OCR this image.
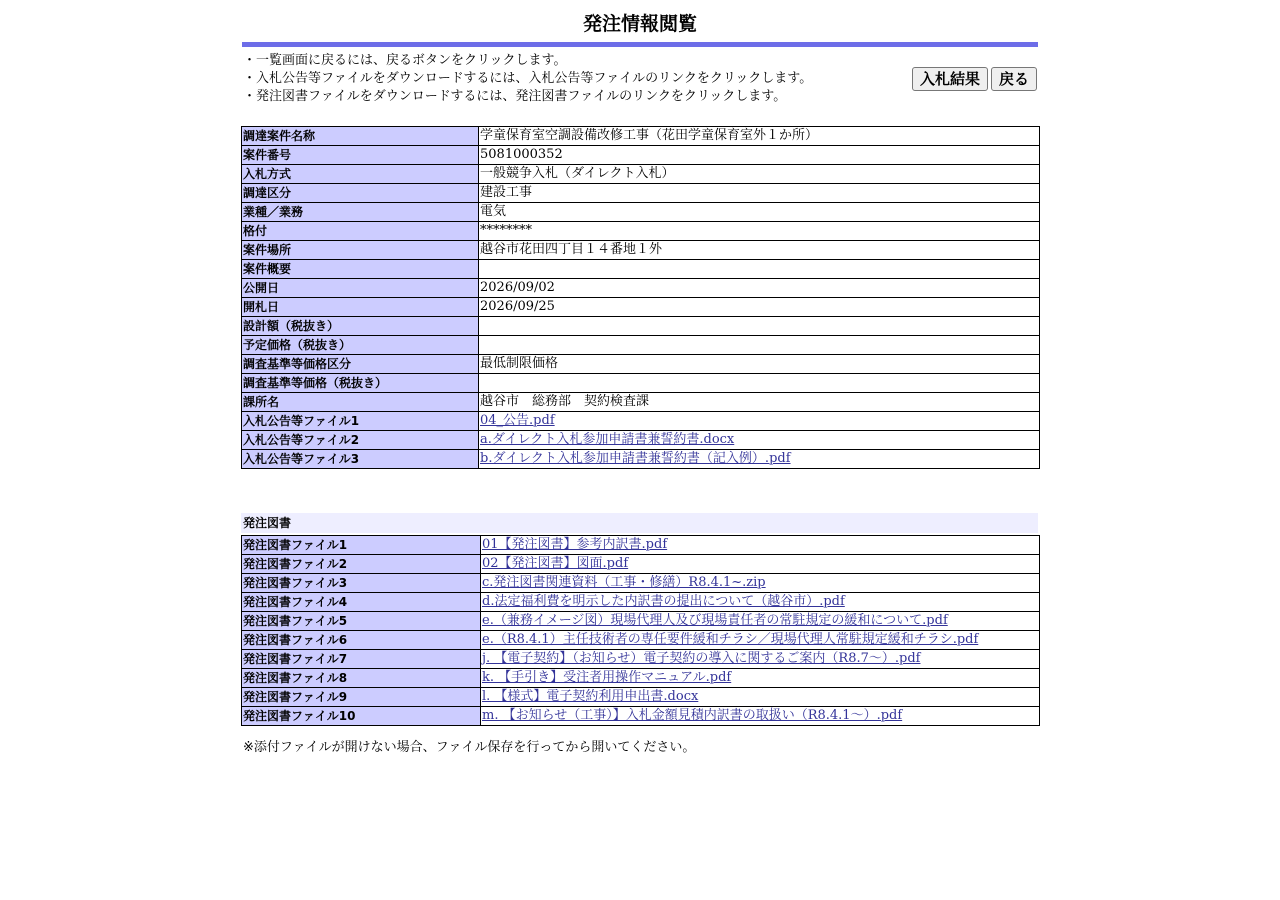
発注情報閲覧
・一覧画面に戻るには、戻るボタンをクリックします。
・入札公告等ファイルをダウンロードするには、入札公告等ファイルのリンクをクリックします。
・発注図書ファイルをダウンロードするには、発注図書ファイルのリンクをクリックします。
入札結果	戻る
調達案件名称	学童保育室空調設備改修工事（花田学童保育室外１か所）
案件番号	5081000352
入札方式	一般競争入札（ダイレクト入札）
調達区分	建設工事
業種／業務	電気
格付	********
案件場所	越谷市花田四丁目１４番地１外
案件概要	
公開日	2026/09/02
開札日	2026/09/25
設計額（税抜き）	
予定価格（税抜き）	
調査基準等価格区分	最低制限価格
調査基準等価格（税抜き）	
課所名	越谷市　総務部　契約検査課
入札公告等ファイル1	04_公告.pdf
入札公告等ファイル2	a.ダイレクト入札参加申請書兼誓約書.docx
入札公告等ファイル3	b.ダイレクト入札参加申請書兼誓約書（記入例）.pdf
発注図書
発注図書ファイル1	01【発注図書】参考内訳書.pdf
発注図書ファイル2	02【発注図書】図面.pdf
発注図書ファイル3	c.発注図書関連資料（工事・修繕）R8.4.1~.zip
発注図書ファイル4	d.法定福利費を明示した内訳書の提出について（越谷市）.pdf
発注図書ファイル5	e.（兼務イメージ図）現場代理人及び現場責任者の常駐規定の緩和について.pdf
発注図書ファイル6	e.（R8.4.1）主任技術者の専任要件緩和チラシ／現場代理人常駐規定緩和チラシ.pdf
発注図書ファイル7	j. 【電子契約】（お知らせ）電子契約の導入に関するご案内（R8.7～）.pdf
発注図書ファイル8	k. 【手引き】受注者用操作マニュアル.pdf
発注図書ファイル9	l. 【様式】電子契約利用申出書.docx
発注図書ファイル10	m. 【お知らせ（工事）】入札金額見積内訳書の取扱い（R8.4.1～）.pdf
※添付ファイルが開けない場合、ファイル保存を行ってから開いてください。
